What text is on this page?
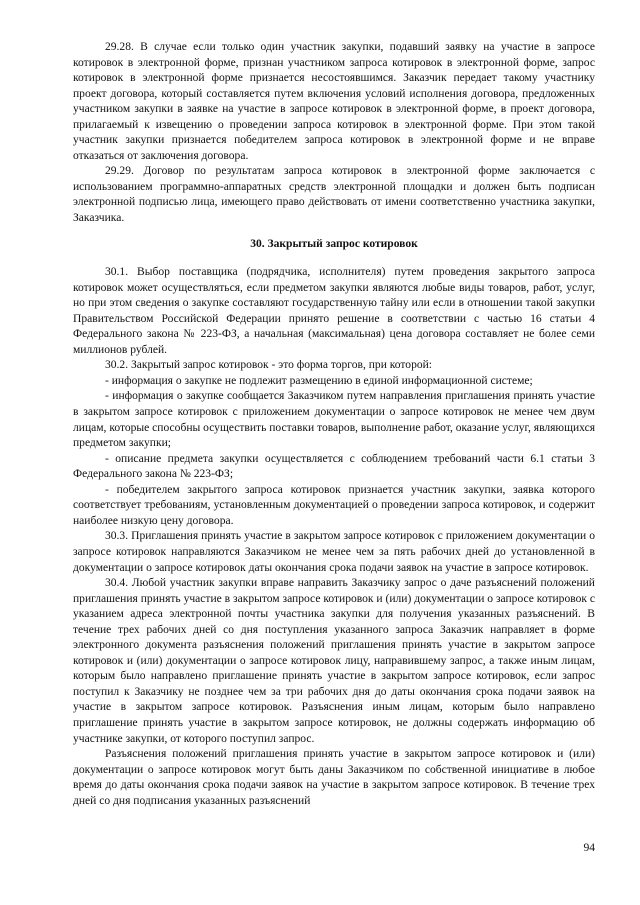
29.28. В случае если только один участник закупки, подавший заявку на участие в запросе котировок в электронной форме, признан участником запроса котировок в электронной форме, запрос котировок в электронной форме признается несостоявшимся. Заказчик передает такому участнику проект договора, который составляется путем включения условий исполнения договора, предложенных участником закупки в заявке на участие в запросе котировок в электронной форме, в проект договора, прилагаемый к извещению о проведении запроса котировок в электронной форме. При этом такой участник закупки признается победителем запроса котировок в электронной форме и не вправе отказаться от заключения договора.

29.29. Договор по результатам запроса котировок в электронной форме заключается с использованием программно-аппаратных средств электронной площадки и должен быть подписан электронной подписью лица, имеющего право действовать от имени соответственно участника закупки, Заказчика.

30. Закрытый запрос котировок

30.1. Выбор поставщика (подрядчика, исполнителя) путем проведения закрытого запроса котировок может осуществляться, если предметом закупки являются любые виды товаров, работ, услуг, но при этом сведения о закупке составляют государственную тайну или если в отношении такой закупки Правительством Российской Федерации принято решение в соответствии с частью 16 статьи 4 Федерального закона № 223-ФЗ, а начальная (максимальная) цена договора составляет не более семи миллионов рублей.

30.2. Закрытый запрос котировок - это форма торгов, при которой:

- информация о закупке не подлежит размещению в единой информационной системе;

- информация о закупке сообщается Заказчиком путем направления приглашения принять участие в закрытом запросе котировок с приложением документации о запросе котировок не менее чем двум лицам, которые способны осуществить поставки товаров, выполнение работ, оказание услуг, являющихся предметом закупки;

- описание предмета закупки осуществляется с соблюдением требований части 6.1 статьи 3 Федерального закона № 223-ФЗ;

- победителем закрытого запроса котировок признается участник закупки, заявка которого соответствует требованиям, установленным документацией о проведении запроса котировок, и содержит наиболее низкую цену договора.

30.3. Приглашения принять участие в закрытом запросе котировок с приложением документации о запросе котировок направляются Заказчиком не менее чем за пять рабочих дней до установленной в документации о запросе котировок даты окончания срока подачи заявок на участие в запросе котировок.

30.4. Любой участник закупки вправе направить Заказчику запрос о даче разъяснений положений приглашения принять участие в закрытом запросе котировок и (или) документации о запросе котировок с указанием адреса электронной почты участника закупки для получения указанных разъяснений. В течение трех рабочих дней со дня поступления указанного запроса Заказчик направляет в форме электронного документа разъяснения положений приглашения принять участие в закрытом запросе котировок и (или) документации о запросе котировок лицу, направившему запрос, а также иным лицам, которым было направлено приглашение принять участие в закрытом запросе котировок, если запрос поступил к Заказчику не позднее чем за три рабочих дня до даты окончания срока подачи заявок на участие в закрытом запросе котировок. Разъяснения иным лицам, которым было направлено приглашение принять участие в закрытом запросе котировок, не должны содержать информацию об участнике закупки, от которого поступил запрос.

Разъяснения положений приглашения принять участие в закрытом запросе котировок и (или) документации о запросе котировок могут быть даны Заказчиком по собственной инициативе в любое время до даты окончания срока подачи заявок на участие в закрытом запросе котировок. В течение трех дней со дня подписания указанных разъяснений

94
